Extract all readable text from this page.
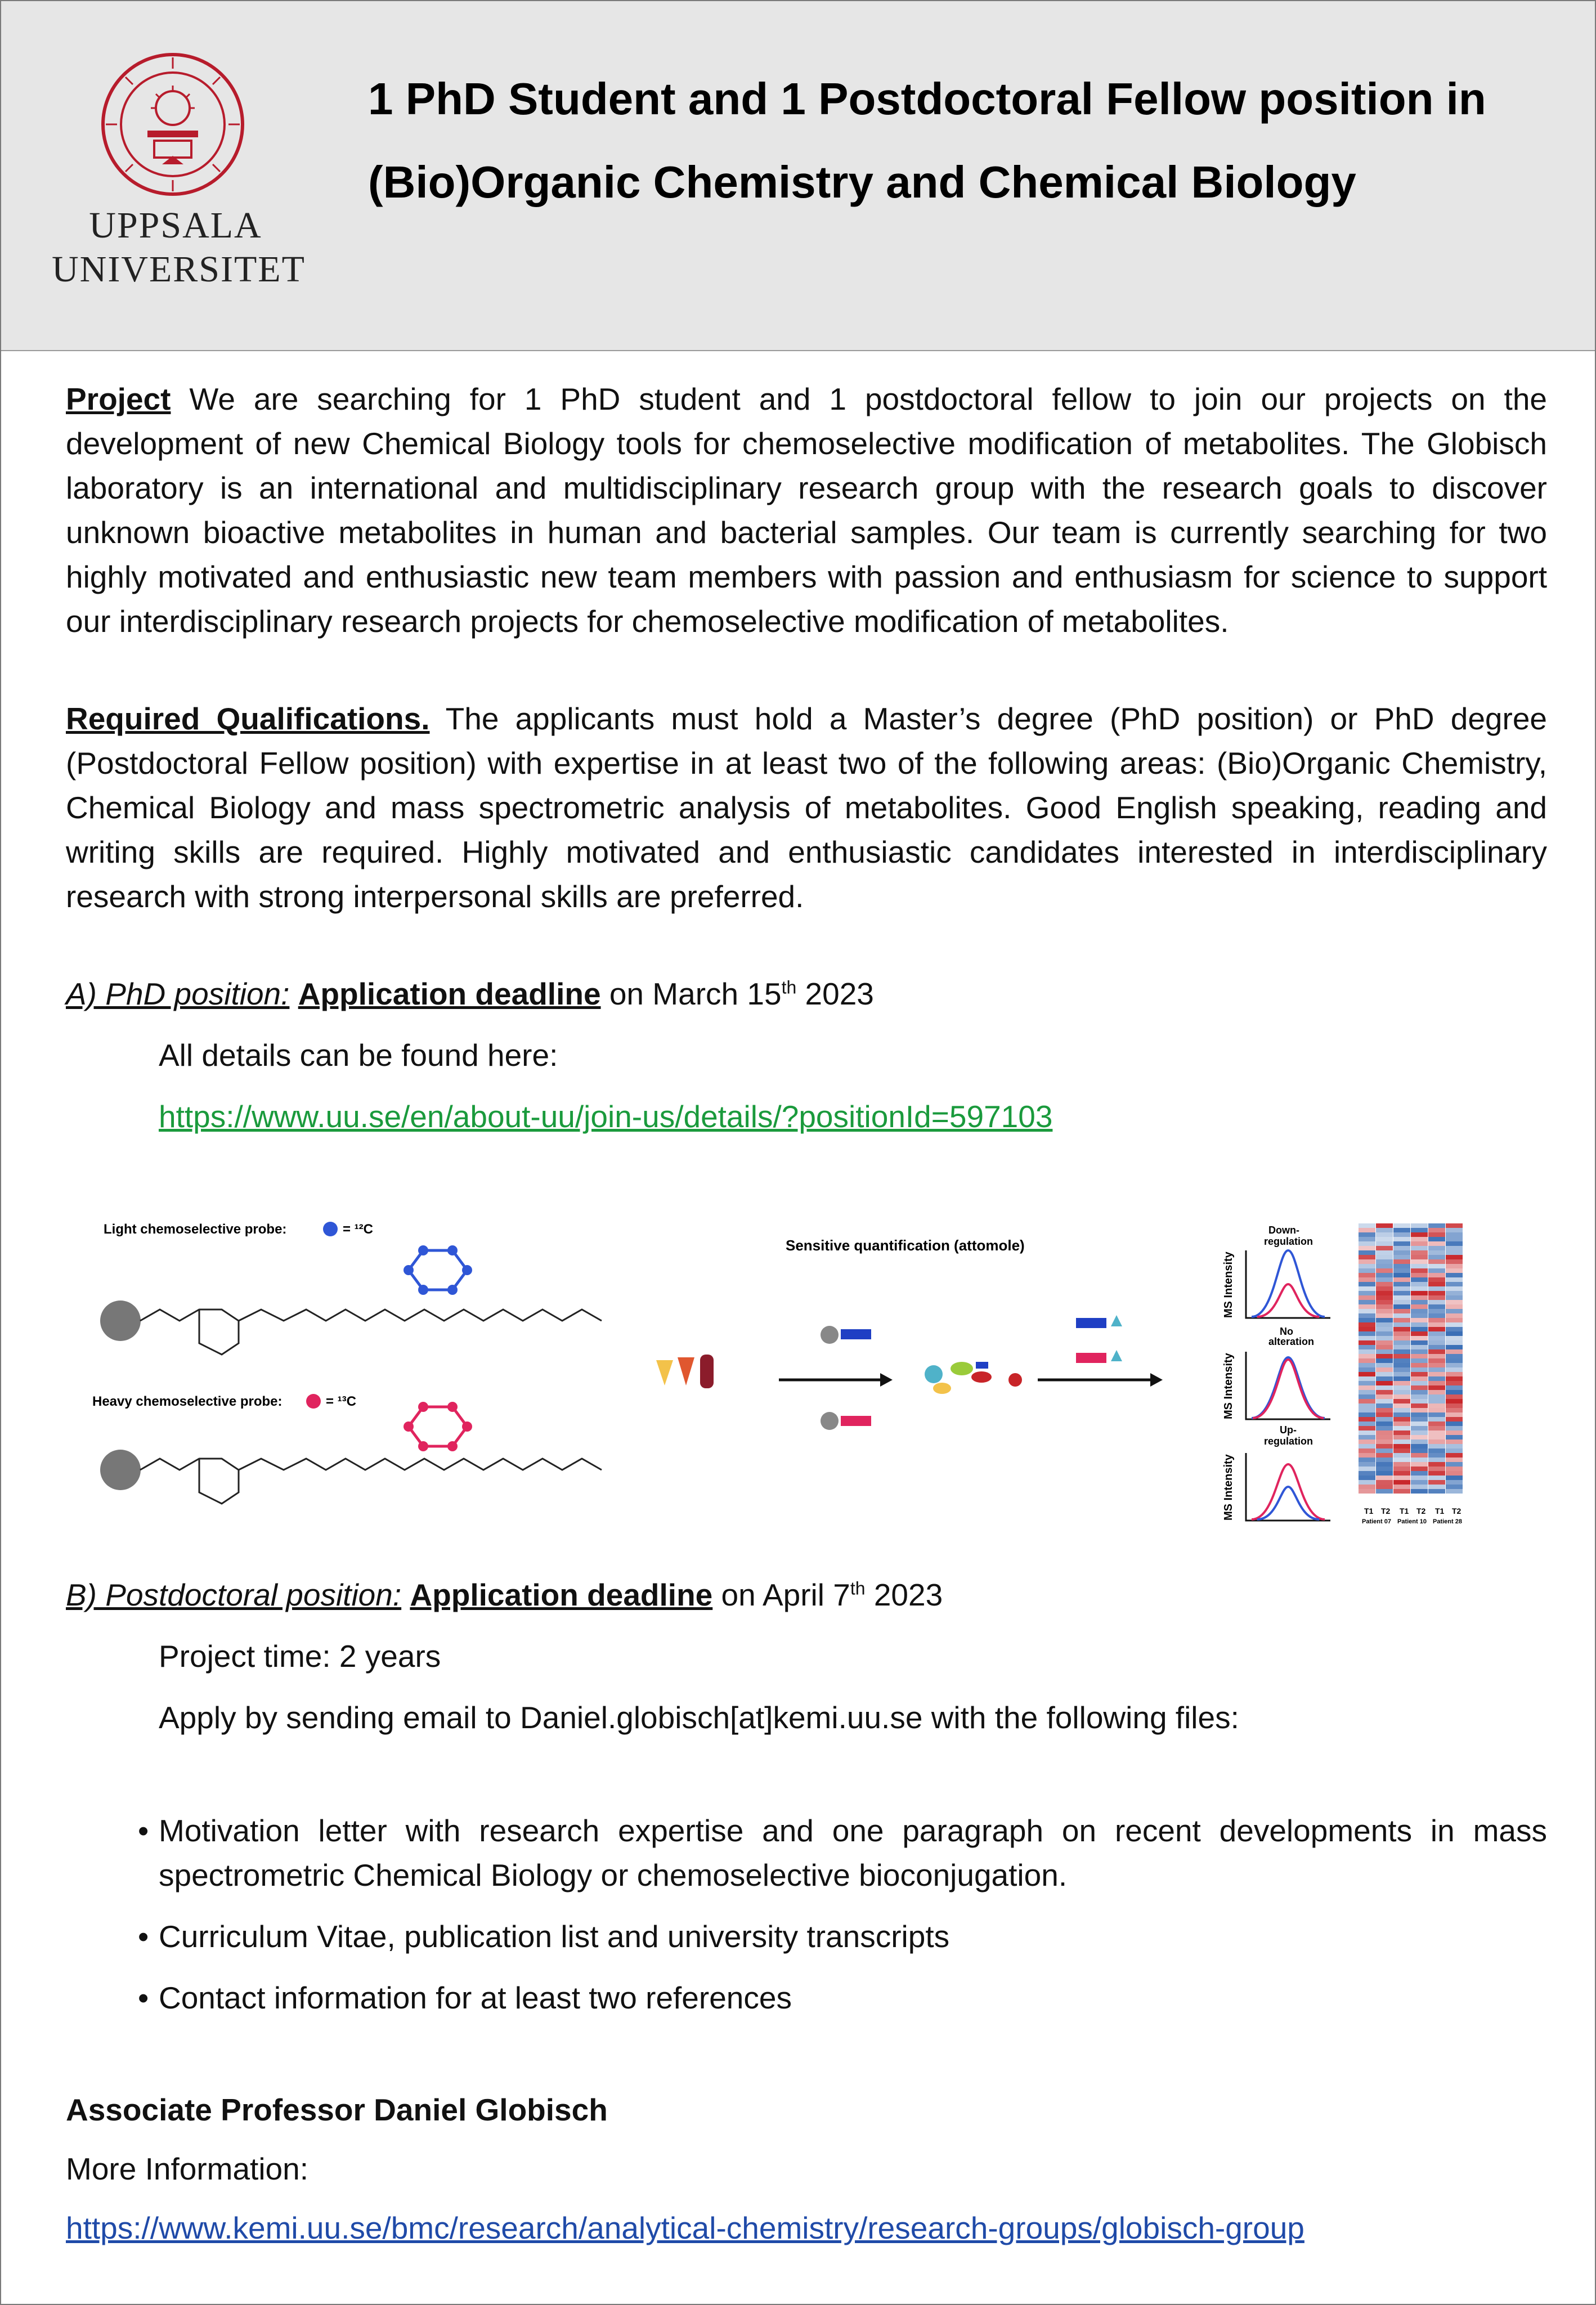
UPPSALA
UNIVERSITET
1 PhD Student and 1 Postdoctoral Fellow position in
(Bio)Organic Chemistry and Chemical Biology

Project We are searching for 1 PhD student and 1 postdoctoral fellow to join our projects on the development of new Chemical Biology tools for chemoselective modification of metabolites. The Globisch laboratory is an international and multidisciplinary research group with the research goals to discover unknown bioactive metabolites in human and bacterial samples. Our team is currently searching for two highly motivated and enthusiastic new team members with passion and enthusiasm for science to support our interdisciplinary research projects for chemoselective modification of metabolites.

Required Qualifications. The applicants must hold a Master’s degree (PhD position) or PhD degree (Postdoctoral Fellow position) with expertise in at least two of the following areas: (Bio)Organic Chemistry, Chemical Biology and mass spectrometric analysis of metabolites. Good English speaking, reading and writing skills are required. Highly motivated and enthusiastic candidates interested in interdisciplinary research with strong interpersonal skills are preferred.

A) PhD position: Application deadline on March 15th 2023

All details can be found here:

https://www.uu.se/en/about-uu/join-us/details/?positionId=597103

Light chemoselective probe:	= ¹²C
Heavy chemoselective probe:	= ¹³C
Sensitive quantification (attomole)
MS Intensity
MS Intensity
MS Intensity
Down-
regulation
No
alteration
Up-
regulation
T1 T2 T1 T2 T1 T2
Patient 07 Patient 10 Patient 28

B) Postdoctoral position: Application deadline on April 7th 2023

Project time: 2 years

Apply by sending email to Daniel.globisch[at]kemi.uu.se with the following files:

• Motivation letter with research expertise and one paragraph on recent developments in mass spectrometric Chemical Biology or chemoselective bioconjugation.
• Curriculum Vitae, publication list and university transcripts
• Contact information for at least two references

Associate Professor Daniel Globisch

More Information:

https://www.kemi.uu.se/bmc/research/analytical-chemistry/research-groups/globisch-group
